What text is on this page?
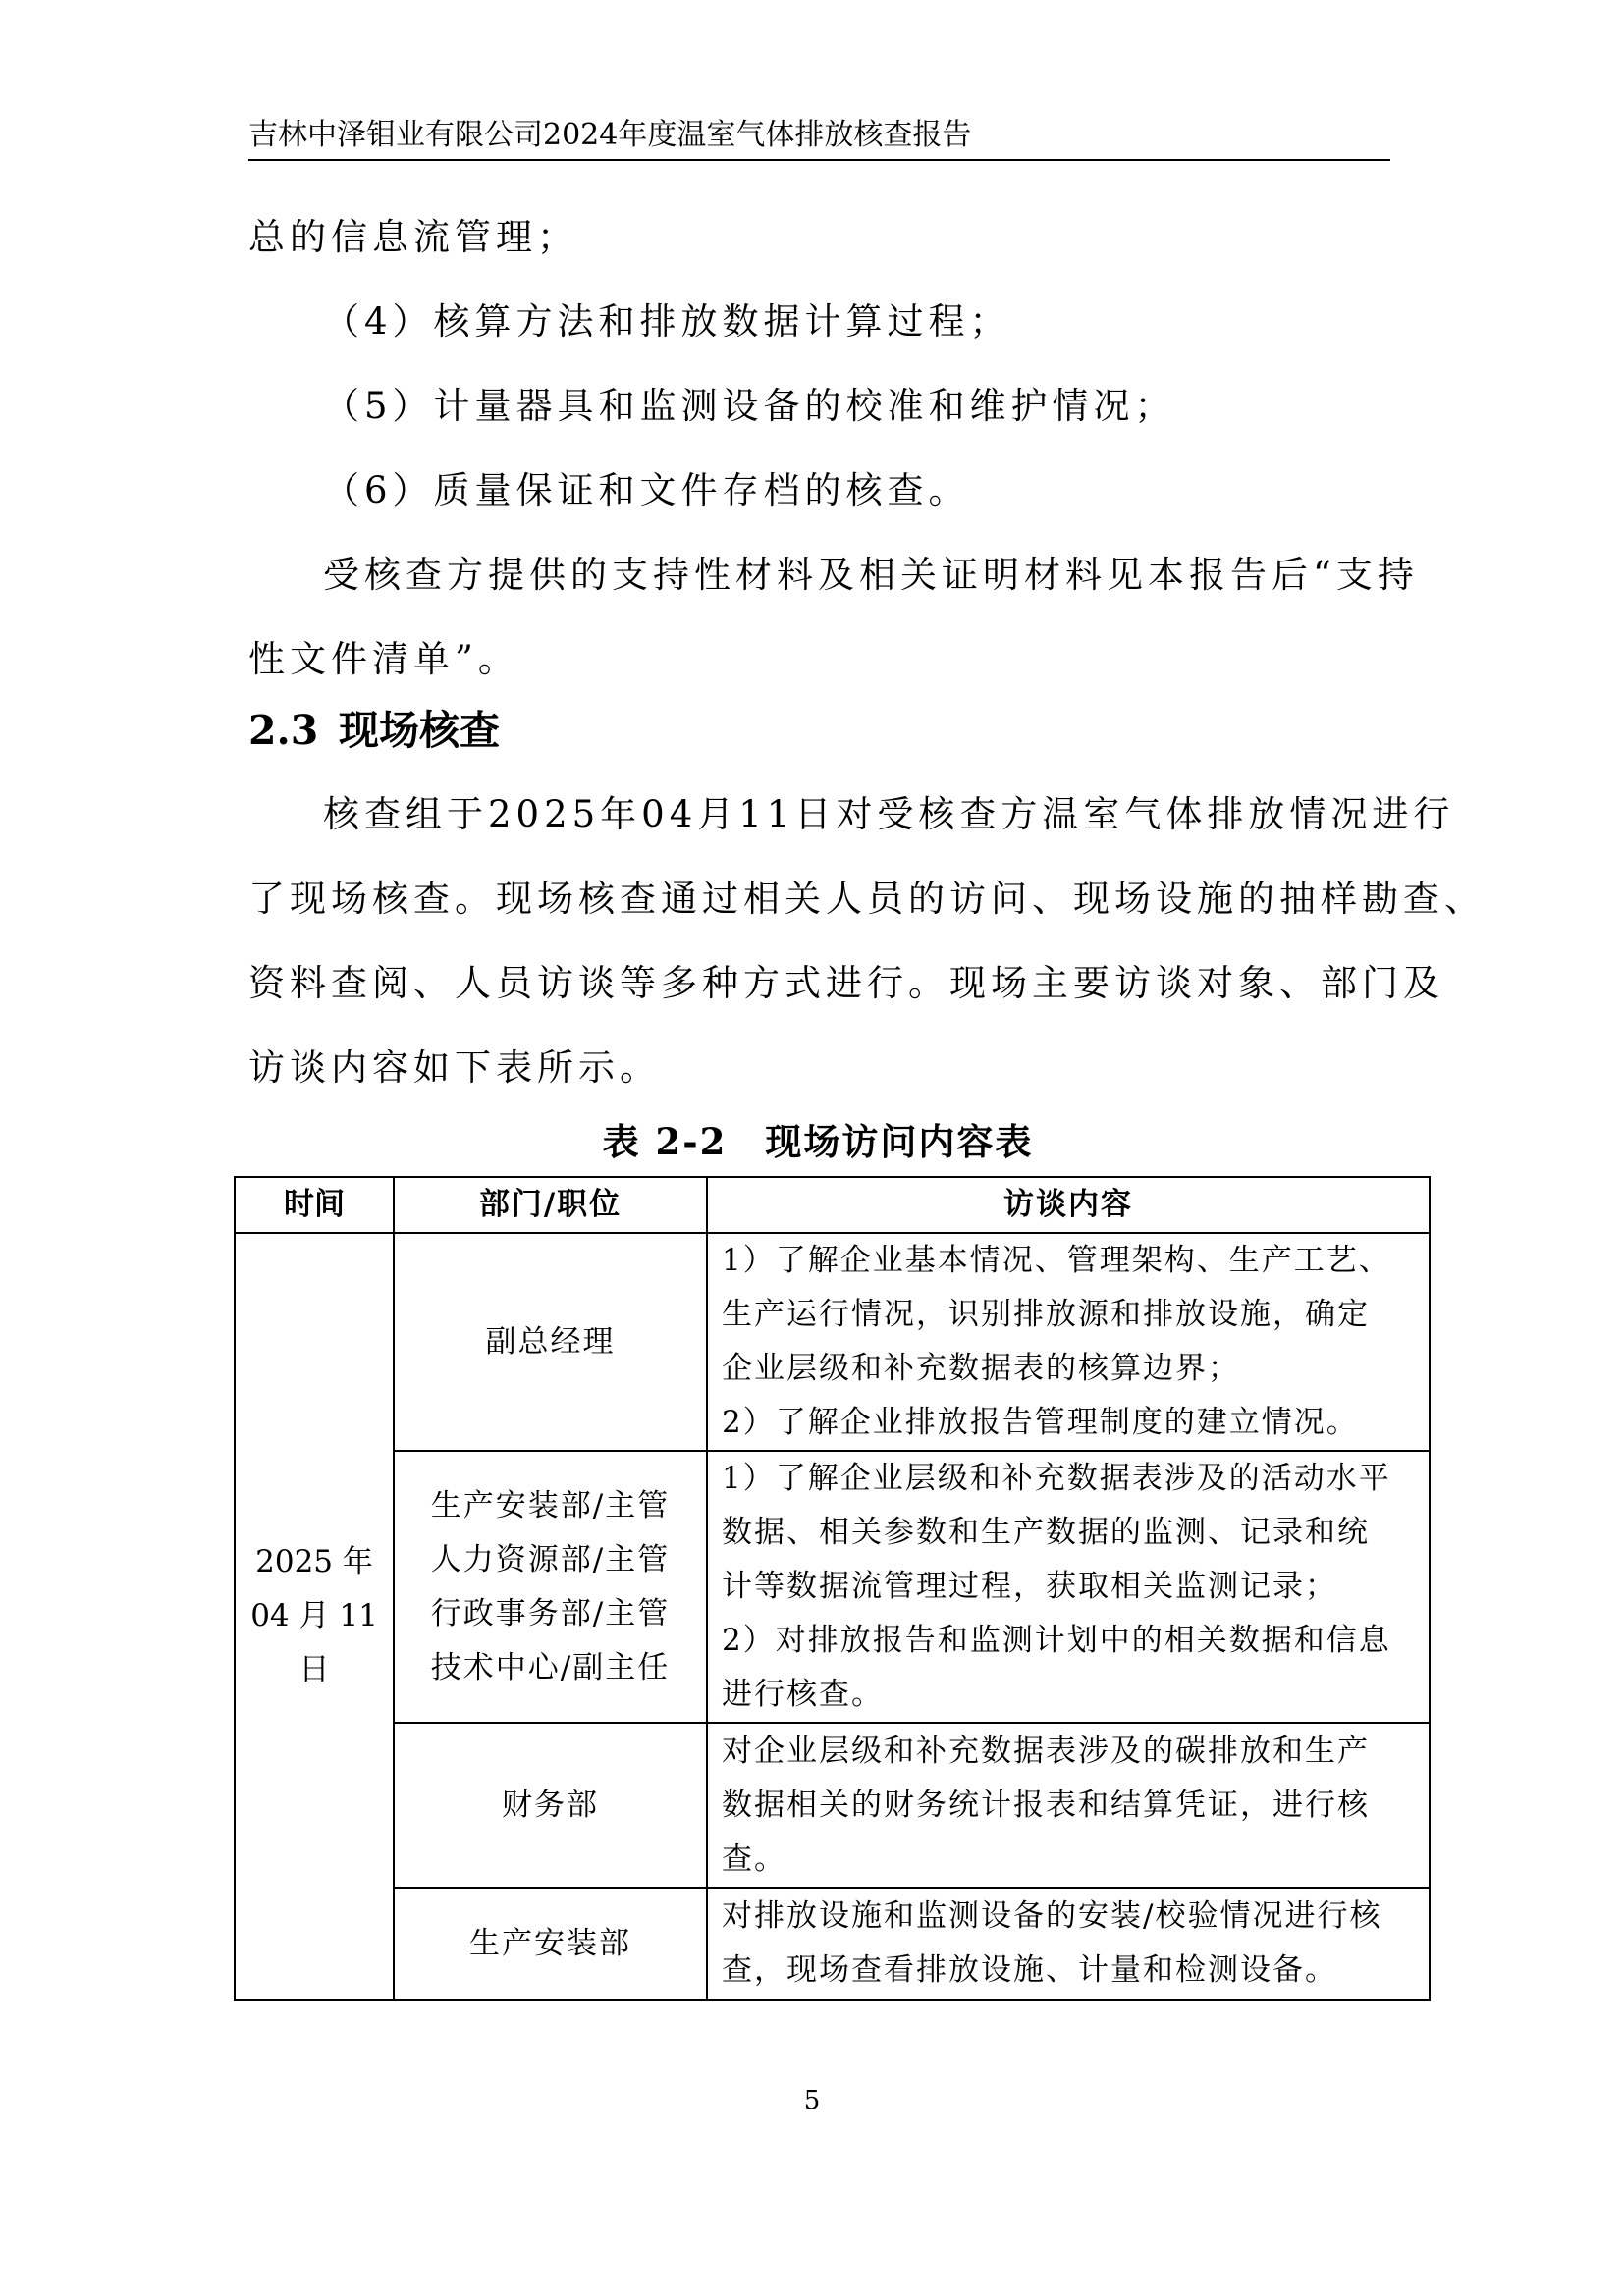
吉林中泽钼业有限公司2024年度温室气体排放核查报告
总的信息流管理；
（4）核算方法和排放数据计算过程；
（5）计量器具和监测设备的校准和维护情况；
（6）质量保证和文件存档的核查。
受核查方提供的支持性材料及相关证明材料见本报告后“支持
性文件清单”。
2.3 现场核查
核查组于2025年04月11日对受核查方温室气体排放情况进行
了现场核查。现场核查通过相关人员的访问、现场设施的抽样勘查、
资料查阅、人员访谈等多种方式进行。现场主要访谈对象、部门及
访谈内容如下表所示。
表 2-2　现场访问内容表
时间	部门/职位	访谈内容

2025 年
04 月 11
日	副总经理	1）了解企业基本情况、管理架构、生产工艺、
生产运行情况，识别排放源和排放设施，确定
企业层级和补充数据表的核算边界；
2）了解企业排放报告管理制度的建立情况。

	生产安装部/主管
人力资源部/主管
行政事务部/主管
技术中心/副主任	1）了解企业层级和补充数据表涉及的活动水平
数据、相关参数和生产数据的监测、记录和统
计等数据流管理过程，获取相关监测记录；
2）对排放报告和监测计划中的相关数据和信息
进行核查。

	财务部	对企业层级和补充数据表涉及的碳排放和生产
数据相关的财务统计报表和结算凭证，进行核
查。

	生产安装部	对排放设施和监测设备的安装/校验情况进行核
查，现场查看排放设施、计量和检测设备。
5
